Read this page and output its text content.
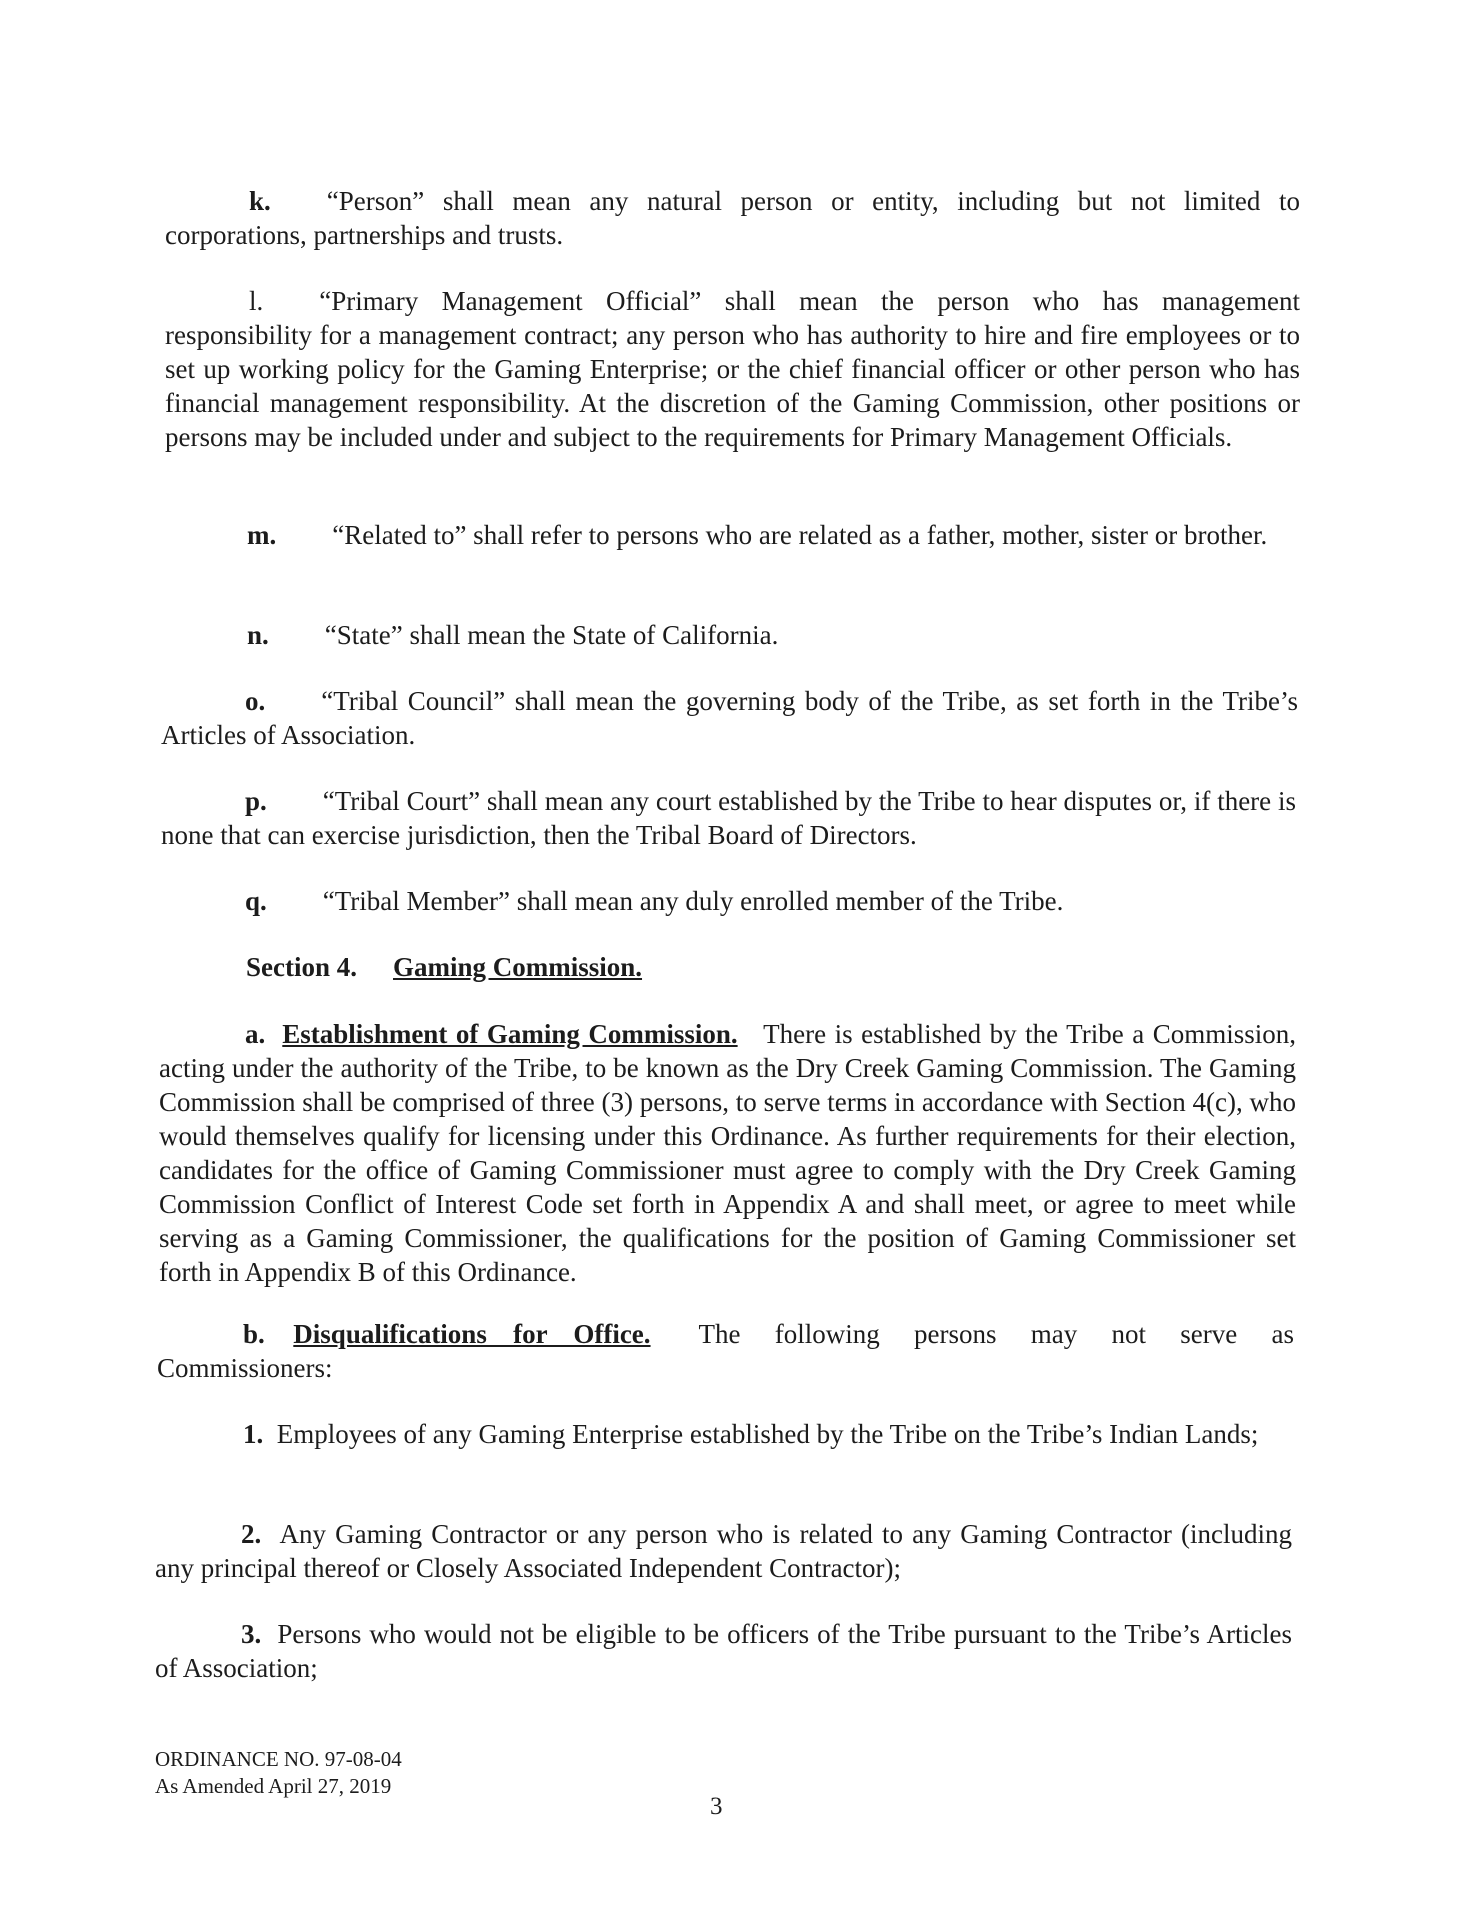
k. “Person” shall mean any natural person or entity, including but not limited to corporations, partnerships and trusts.

l. “Primary Management Official” shall mean the person who has management responsibility for a management contract; any person who has authority to hire and fire employees or to set up working policy for the Gaming Enterprise; or the chief financial officer or other person who has financial management responsibility. At the discretion of the Gaming Commission, other positions or persons may be included under and subject to the requirements for Primary Management Officials.

m. “Related to” shall refer to persons who are related as a father, mother, sister or brother.

n. “State” shall mean the State of California.

o. “Tribal Council” shall mean the governing body of the Tribe, as set forth in the Tribe’s Articles of Association.

p. “Tribal Court” shall mean any court established by the Tribe to hear disputes or, if there is none that can exercise jurisdiction, then the Tribal Board of Directors.

q. “Tribal Member” shall mean any duly enrolled member of the Tribe.

Section 4. Gaming Commission.

a. Establishment of Gaming Commission. There is established by the Tribe a Commission, acting under the authority of the Tribe, to be known as the Dry Creek Gaming Commission. The Gaming Commission shall be comprised of three (3) persons, to serve terms in accordance with Section 4(c), who would themselves qualify for licensing under this Ordinance. As further requirements for their election, candidates for the office of Gaming Commissioner must agree to comply with the Dry Creek Gaming Commission Conflict of Interest Code set forth in Appendix A and shall meet, or agree to meet while serving as a Gaming Commissioner, the qualifications for the position of Gaming Commissioner set forth in Appendix B of this Ordinance.

b. Disqualifications for Office. The following persons may not serve as Commissioners:

1. Employees of any Gaming Enterprise established by the Tribe on the Tribe’s Indian Lands;

2. Any Gaming Contractor or any person who is related to any Gaming Contractor (including any principal thereof or Closely Associated Independent Contractor);

3. Persons who would not be eligible to be officers of the Tribe pursuant to the Tribe’s Articles of Association;

ORDINANCE NO. 97-08-04
As Amended April 27, 2019
3
